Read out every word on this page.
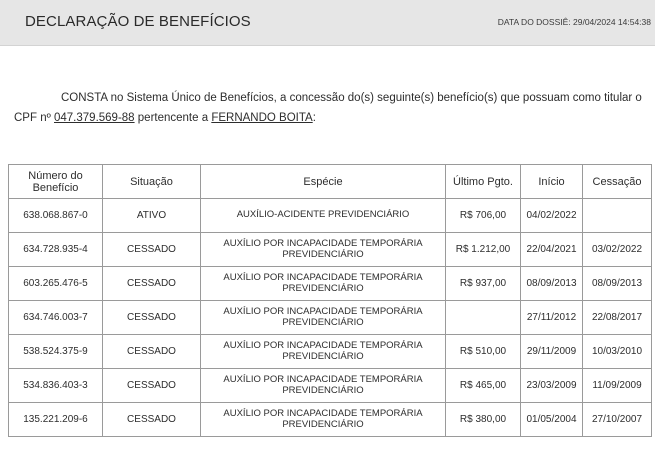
DECLARAÇÃO DE BENEFÍCIOS	DATA DO DOSSIÊ: 29/04/2024 14:54:38
CONSTA no Sistema Único de Benefícios, a concessão do(s) seguinte(s) benefício(s) que possuam como titular o CPF nº 047.379.569-88 pertencente a FERNANDO BOITA:
Número do Benefício	Situação	Espécie	Último Pgto.	Início	Cessação
638.068.867-0	ATIVO	AUXÍLIO-ACIDENTE PREVIDENCIÁRIO	R$ 706,00	04/02/2022	
634.728.935-4	CESSADO	AUXÍLIO POR INCAPACIDADE TEMPORÁRIA PREVIDENCIÁRIO	R$ 1.212,00	22/04/2021	03/02/2022
603.265.476-5	CESSADO	AUXÍLIO POR INCAPACIDADE TEMPORÁRIA PREVIDENCIÁRIO	R$ 937,00	08/09/2013	08/09/2013
634.746.003-7	CESSADO	AUXÍLIO POR INCAPACIDADE TEMPORÁRIA PREVIDENCIÁRIO		27/11/2012	22/08/2017
538.524.375-9	CESSADO	AUXÍLIO POR INCAPACIDADE TEMPORÁRIA PREVIDENCIÁRIO	R$ 510,00	29/11/2009	10/03/2010
534.836.403-3	CESSADO	AUXÍLIO POR INCAPACIDADE TEMPORÁRIA PREVIDENCIÁRIO	R$ 465,00	23/03/2009	11/09/2009
135.221.209-6	CESSADO	AUXÍLIO POR INCAPACIDADE TEMPORÁRIA PREVIDENCIÁRIO	R$ 380,00	01/05/2004	27/10/2007
